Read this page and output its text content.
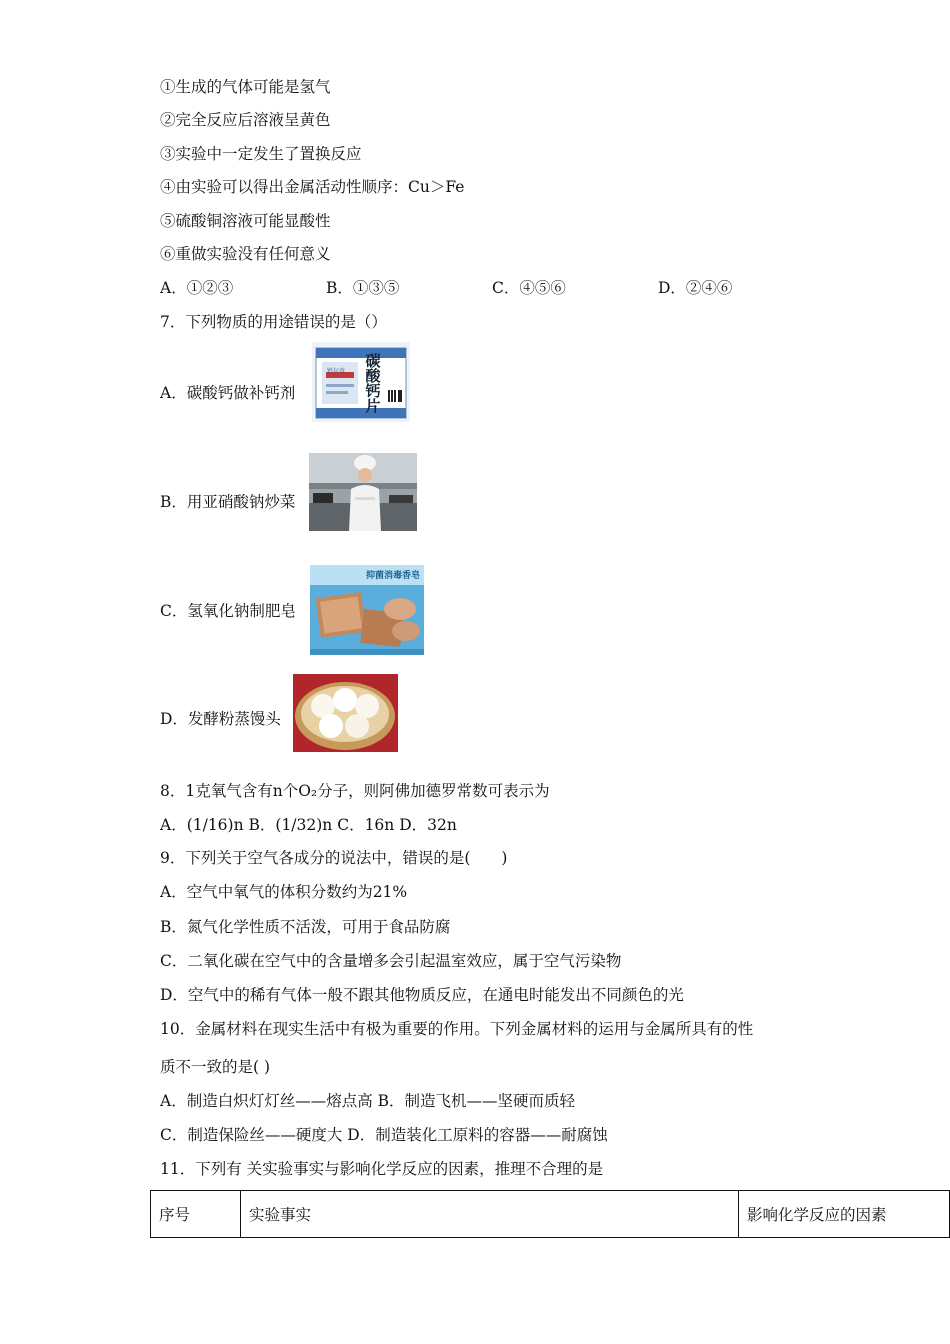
①生成的气体可能是氢气
②完全反应后溶液呈黄色
③实验中一定发生了置换反应
④由实验可以得出金属活动性顺序：Cu＞Fe
⑤硫酸铜溶液可能显酸性
⑥重做实验没有任何意义
A．①②③	B．①③⑤	C．④⑤⑥	D．②④⑥
7．下列物质的用途错误的是（）
A．碳酸钙做补钙剂
碳
酸
钙
片
钙尔奇
B．用亚硝酸钠炒菜
C．氢氧化钠制肥皂
抑菌消毒香皂
D．发酵粉蒸馒头
8．1克氧气含有n个O₂分子，则阿佛加德罗常数可表示为
A．(1/16)n B．(1/32)n C．16n D．32n
9．下列关于空气各成分的说法中，错误的是(　　)
A．空气中氧气的体积分数约为21%
B．氮气化学性质不活泼，可用于食品防腐
C．二氧化碳在空气中的含量增多会引起温室效应，属于空气污染物
D．空气中的稀有气体一般不跟其他物质反应，在通电时能发出不同颜色的光
10．金属材料在现实生活中有极为重要的作用。下列金属材料的运用与金属所具有的性
质不一致的是( )
A．制造白炽灯灯丝——熔点高 B．制造飞机——坚硬而质轻
C．制造保险丝——硬度大 D．制造装化工原料的容器——耐腐蚀
11．下列有 关实验事实与影响化学反应的因素，推理不合理的是
序号	实验事实	影响化学反应的因素
